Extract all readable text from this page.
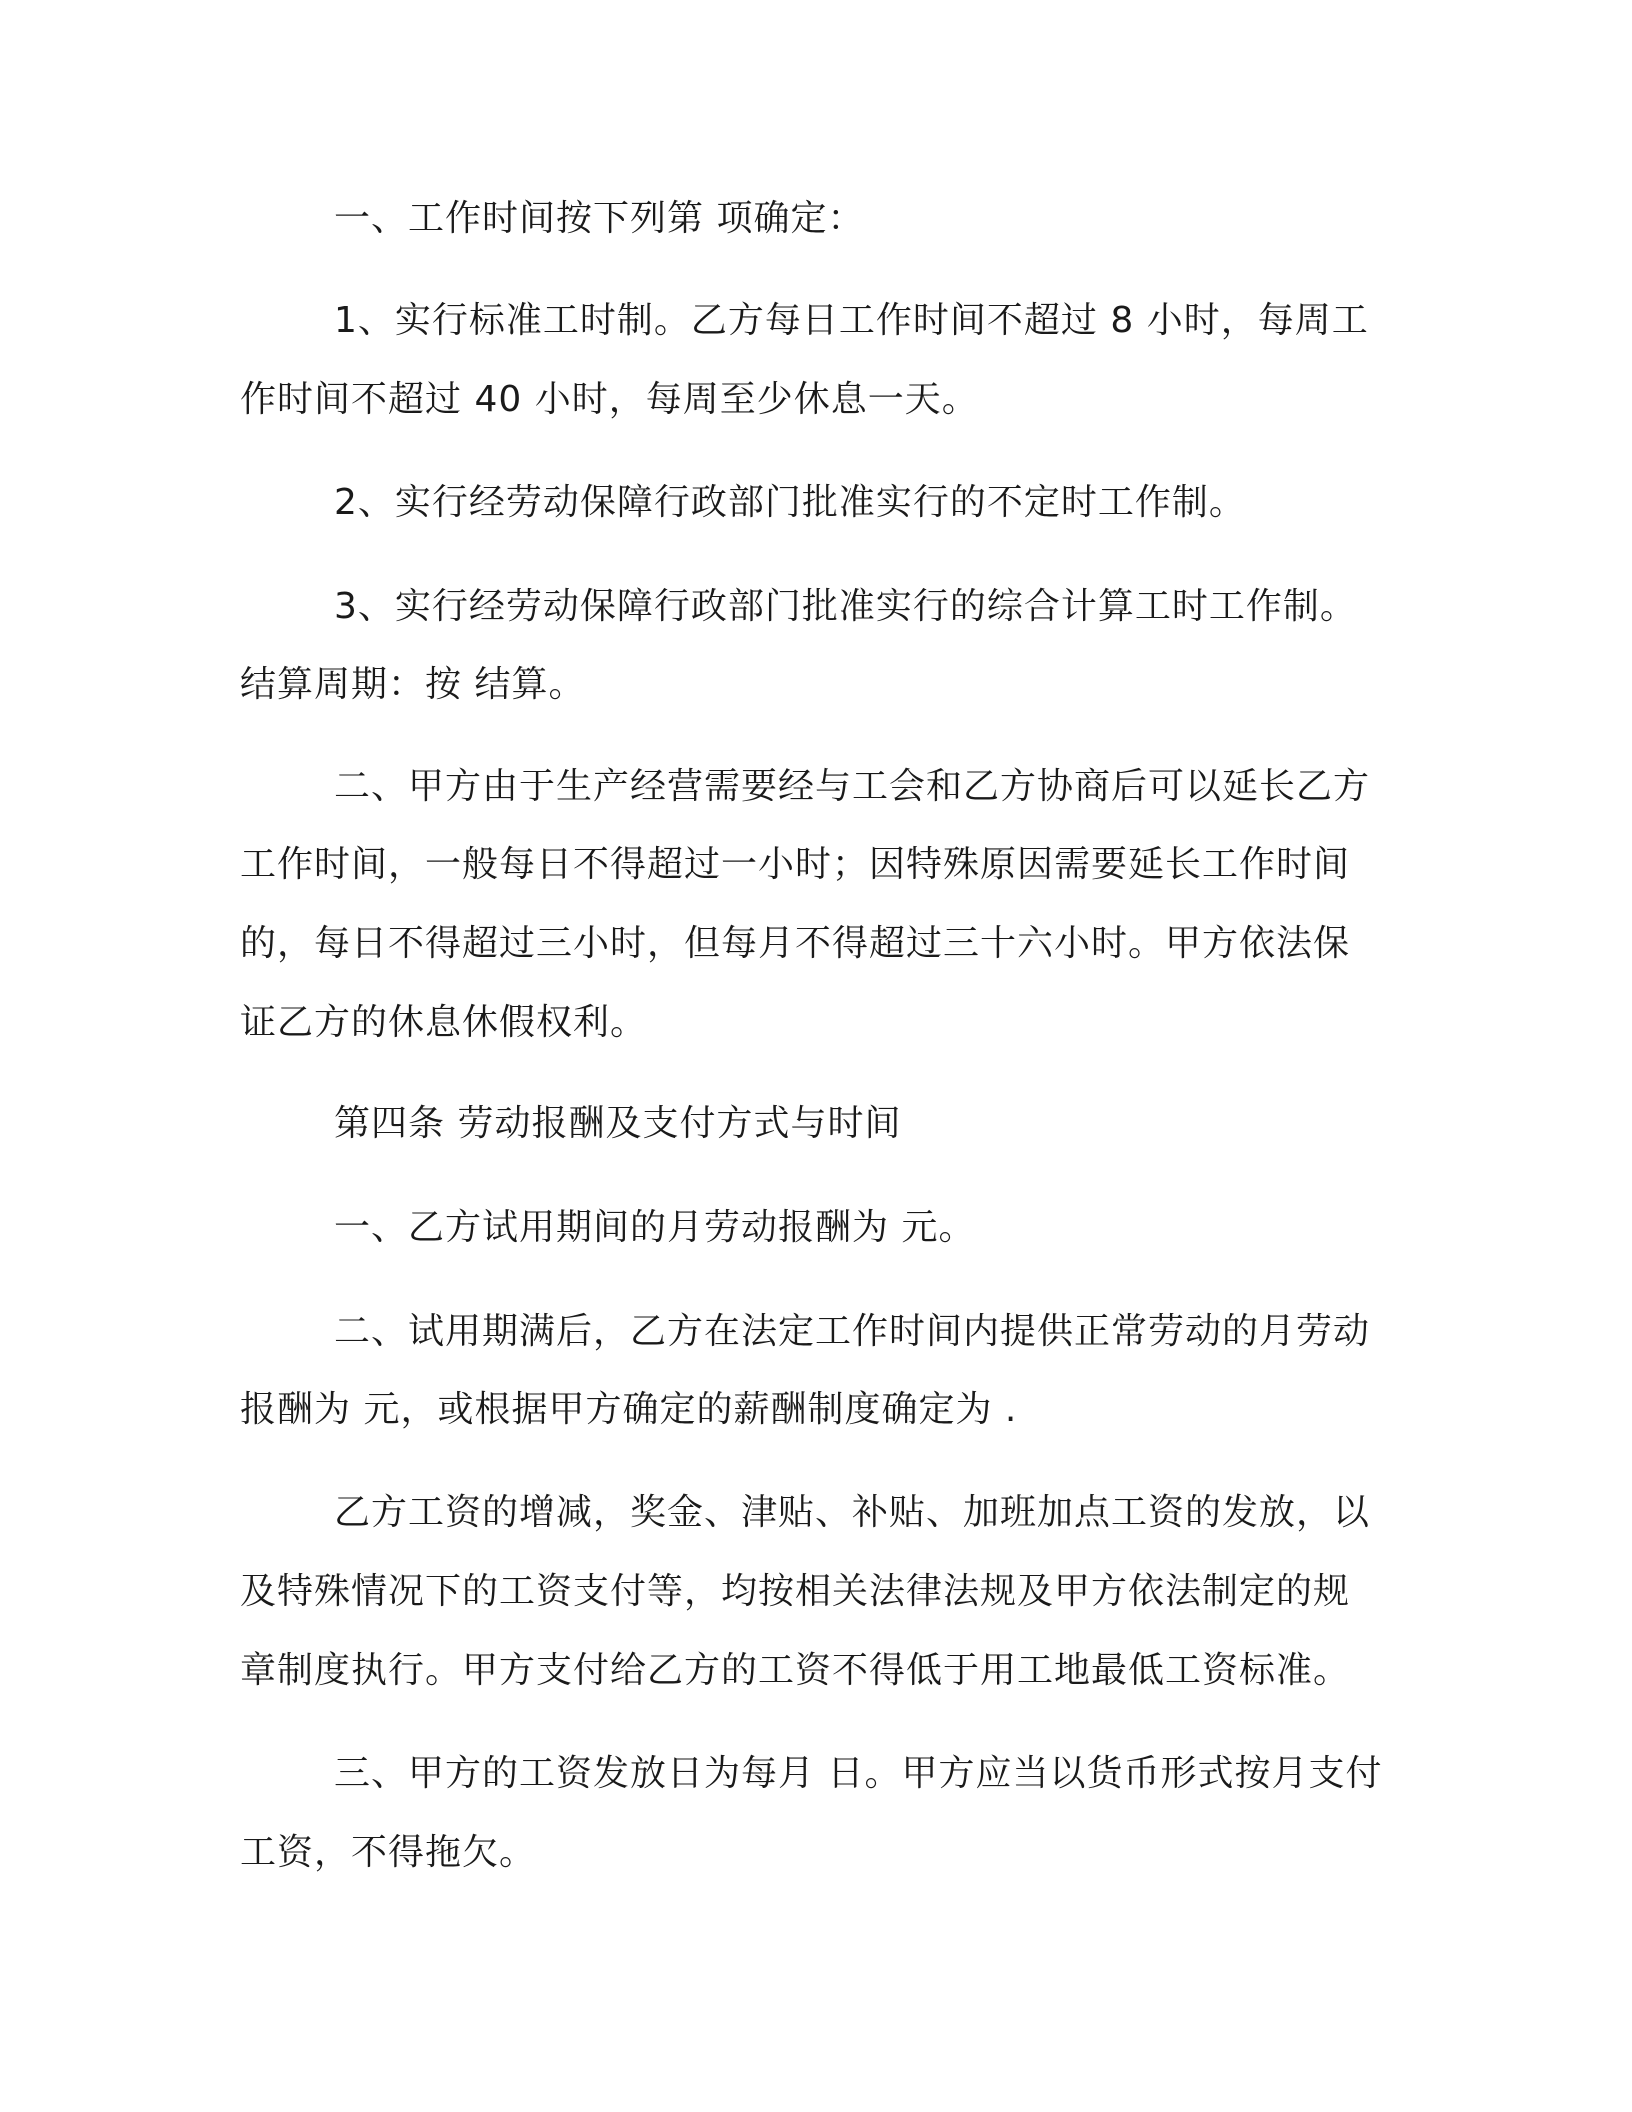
一、工作时间按下列第 项确定：
1、实行标准工时制。乙方每日工作时间不超过 8 小时，每周工
作时间不超过 40 小时，每周至少休息一天。
2、实行经劳动保障行政部门批准实行的不定时工作制。
3、实行经劳动保障行政部门批准实行的综合计算工时工作制。
结算周期：按 结算。
二、甲方由于生产经营需要经与工会和乙方协商后可以延长乙方
工作时间，一般每日不得超过一小时；因特殊原因需要延长工作时间
的，每日不得超过三小时，但每月不得超过三十六小时。甲方依法保
证乙方的休息休假权利。
第四条 劳动报酬及支付方式与时间
一、乙方试用期间的月劳动报酬为 元。
二、试用期满后，乙方在法定工作时间内提供正常劳动的月劳动
报酬为 元，或根据甲方确定的薪酬制度确定为 .
乙方工资的增减，奖金、津贴、补贴、加班加点工资的发放，以
及特殊情况下的工资支付等，均按相关法律法规及甲方依法制定的规
章制度执行。甲方支付给乙方的工资不得低于用工地最低工资标准。
三、甲方的工资发放日为每月 日。甲方应当以货币形式按月支付
工资，不得拖欠。
